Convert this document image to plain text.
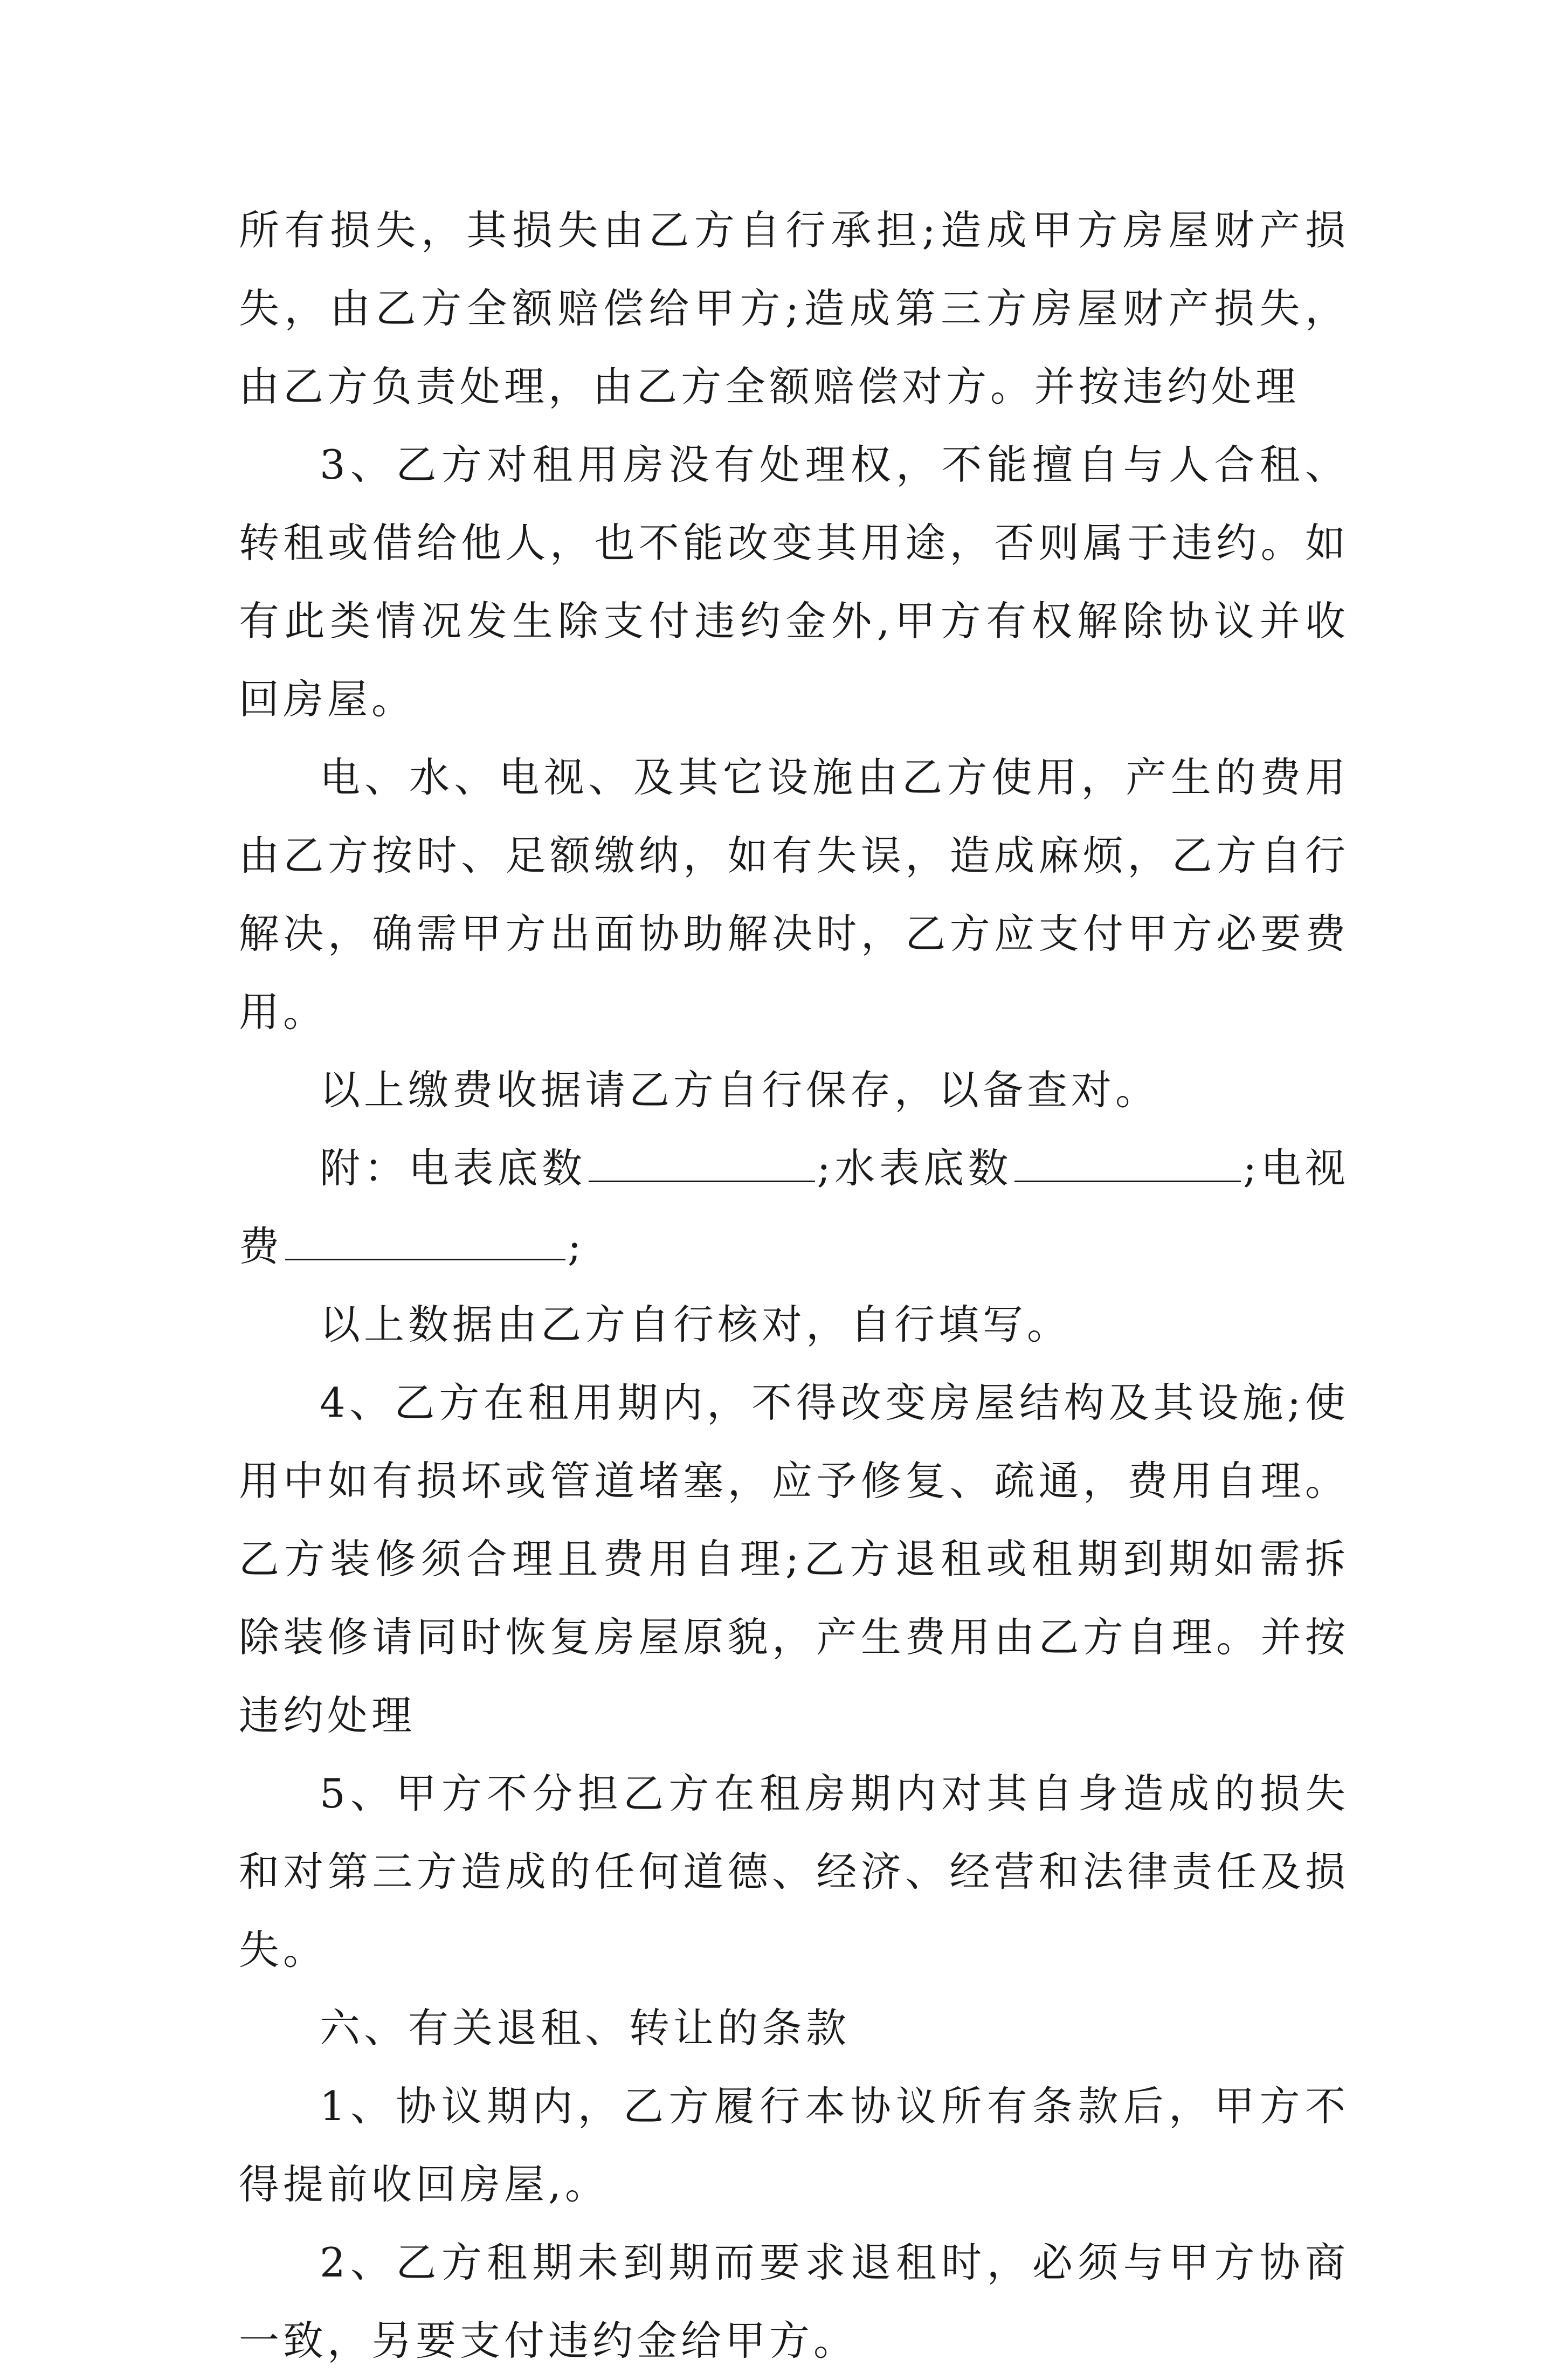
所有损失，其损失由乙方自行承担;造成甲方房屋财产损失，由乙方全额赔偿给甲方;造成第三方房屋财产损失，由乙方负责处理，由乙方全额赔偿对方。并按违约处理

3、乙方对租用房没有处理权，不能擅自与人合租、转租或借给他人，也不能改变其用途，否则属于违约。如有此类情况发生除支付违约金外,甲方有权解除协议并收回房屋。

电、水、电视、及其它设施由乙方使用，产生的费用由乙方按时、足额缴纳，如有失误，造成麻烦，乙方自行解决，确需甲方出面协助解决时，乙方应支付甲方必要费用。

以上缴费收据请乙方自行保存，以备查对。

附：电表底数	;水表底数	;电视费	;

以上数据由乙方自行核对，自行填写。

4、乙方在租用期内，不得改变房屋结构及其设施;使用中如有损坏或管道堵塞，应予修复、疏通，费用自理。乙方装修须合理且费用自理;乙方退租或租期到期如需拆除装修请同时恢复房屋原貌，产生费用由乙方自理。并按违约处理

5、甲方不分担乙方在租房期内对其自身造成的损失和对第三方造成的任何道德、经济、经营和法律责任及损失。

六、有关退租、转让的条款

1、协议期内，乙方履行本协议所有条款后，甲方不得提前收回房屋,。

2、乙方租期未到期而要求退租时，必须与甲方协商一致，另要支付违约金给甲方。
